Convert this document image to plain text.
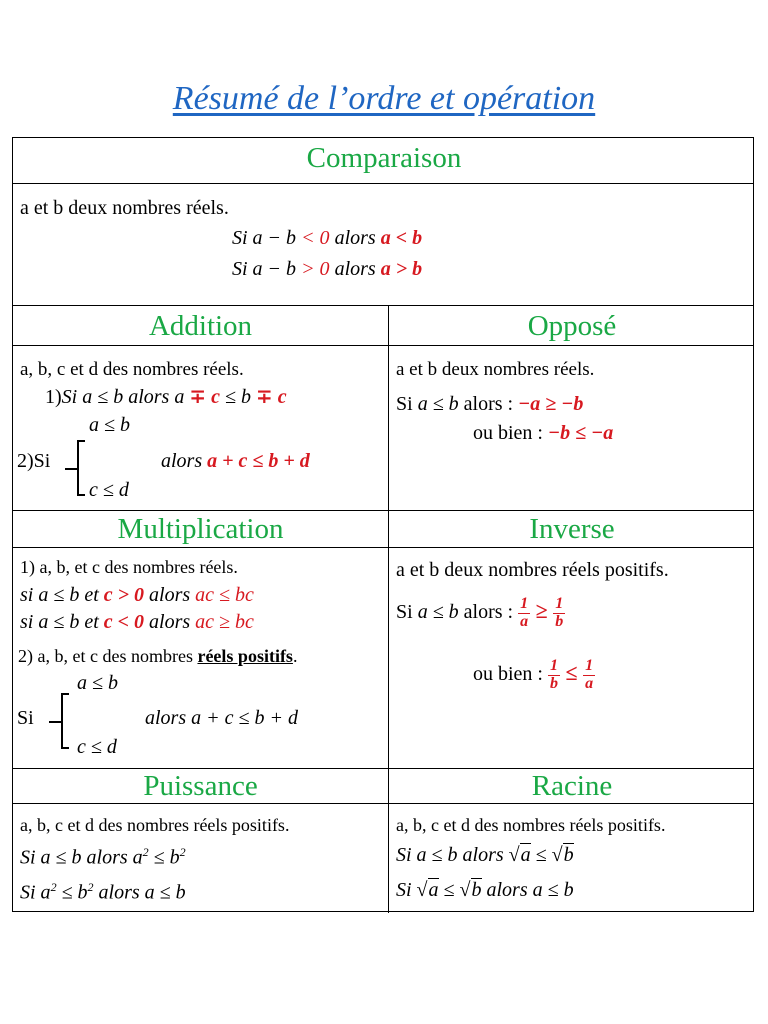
Résumé de l’ordre et opération
Comparaison
a et b deux nombres réels.
Si a − b < 0 alors a < b
Si a − b > 0 alors a > b
Addition
a, b, c et d des nombres réels.
1)Si a ≤ b alors a ∓ c ≤ b ∓ c
a ≤ b
2)Si	alors a + c ≤ b + d
c ≤ d
Opposé
a et b deux nombres réels.
Si a ≤ b alors : −a ≥ −b
ou bien : −b ≤ −a
Multiplication
1) a, b, et c des nombres réels.
si a ≤ b et c > 0 alors ac ≤ bc
si a ≤ b et c < 0 alors ac ≥ bc
2) a, b, et c des nombres réels positifs.
a ≤ b
Si	alors a + c ≤ b + d
c ≤ d
Inverse
a et b deux nombres réels positifs.
Si a ≤ b alors : $\frac{1}{a} \ge \frac{1}{b}$
ou bien : $\frac{1}{b} \le \frac{1}{a}$
Puissance
a, b, c et d des nombres réels positifs.
Si a ≤ b alors $a^2 \le b^2$
Si $a^2 \le b^2$ alors a ≤ b
Racine
a, b, c et d des nombres réels positifs.
Si a ≤ b alors √a ≤ √b
Si √a ≤ √b alors a ≤ b
